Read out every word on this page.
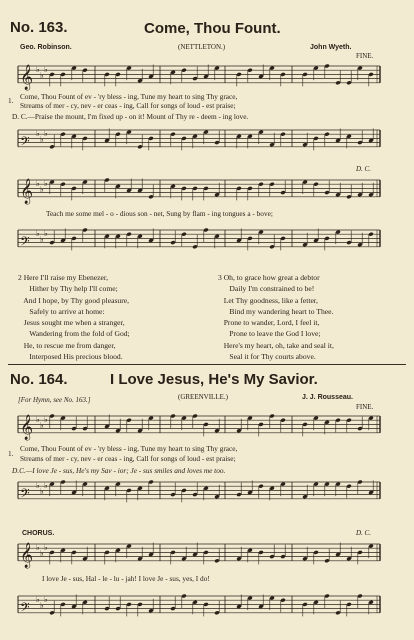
No. 163.	Come, Thou Fount.
Geo. Robinson.	(NETTLETON.)	John Wyeth.
FINE.
𝄞 ♭
♭
♭
1. Come, Thou Fount of ev - 'ry bless - ing, Tune my heart to sing Thy grace,
Streams of mer - cy, nev - er ceas - ing, Call for songs of loud - est praise;
D. C.—Praise the mount, I'm fixed up - on it! Mount of Thy re - deem - ing love.
𝄢
♭
♭
♭
D. C.
𝄞 ♭
♭
♭
Teach me some mel - o - dious son - net, Sung by flam - ing tongues a - bove;
𝄢
♭
♭
♭
2 Here I'll raise my Ebenezer,
Hither by Thy help I'll come;
And I hope, by Thy good pleasure,
Safely to arrive at home:
Jesus sought me when a stranger,
Wandering from the fold of God;
He, to rescue me from danger,
Interposed His precious blood.
3 Oh, to grace how great a debtor
Daily I'm constrained to be!
Let Thy goodness, like a fetter,
Bind my wandering heart to Thee.
Prone to wander, Lord, I feel it,
Prone to leave the God I love;
Here's my heart, oh, take and seal it,
Seal it for Thy courts above.
No. 164.	I Love Jesus, He's My Savior.
[For Hymn, see No. 163.]	(GREENVILLE.)	J. J. Rousseau.
FINE.
𝄞 ♭
♭
♭
1.
Come, Thou Fount of ev - 'ry bless - ing, Tune my heart to sing Thy grace,
Streams of mer - cy, nev - er ceas - ing, Call for songs of loud - est praise;
D.C.—I love Je - sus, He's my Sav - ior; Je - sus smiles and loves me too.
𝄢
♭
♭
♭
CHORUS.	D. C.
𝄞 ♭
♭
♭
I love Je - sus, Hal - le - lu - jah! I love Je - sus, yes, I do!
𝄢
♭
♭
♭
